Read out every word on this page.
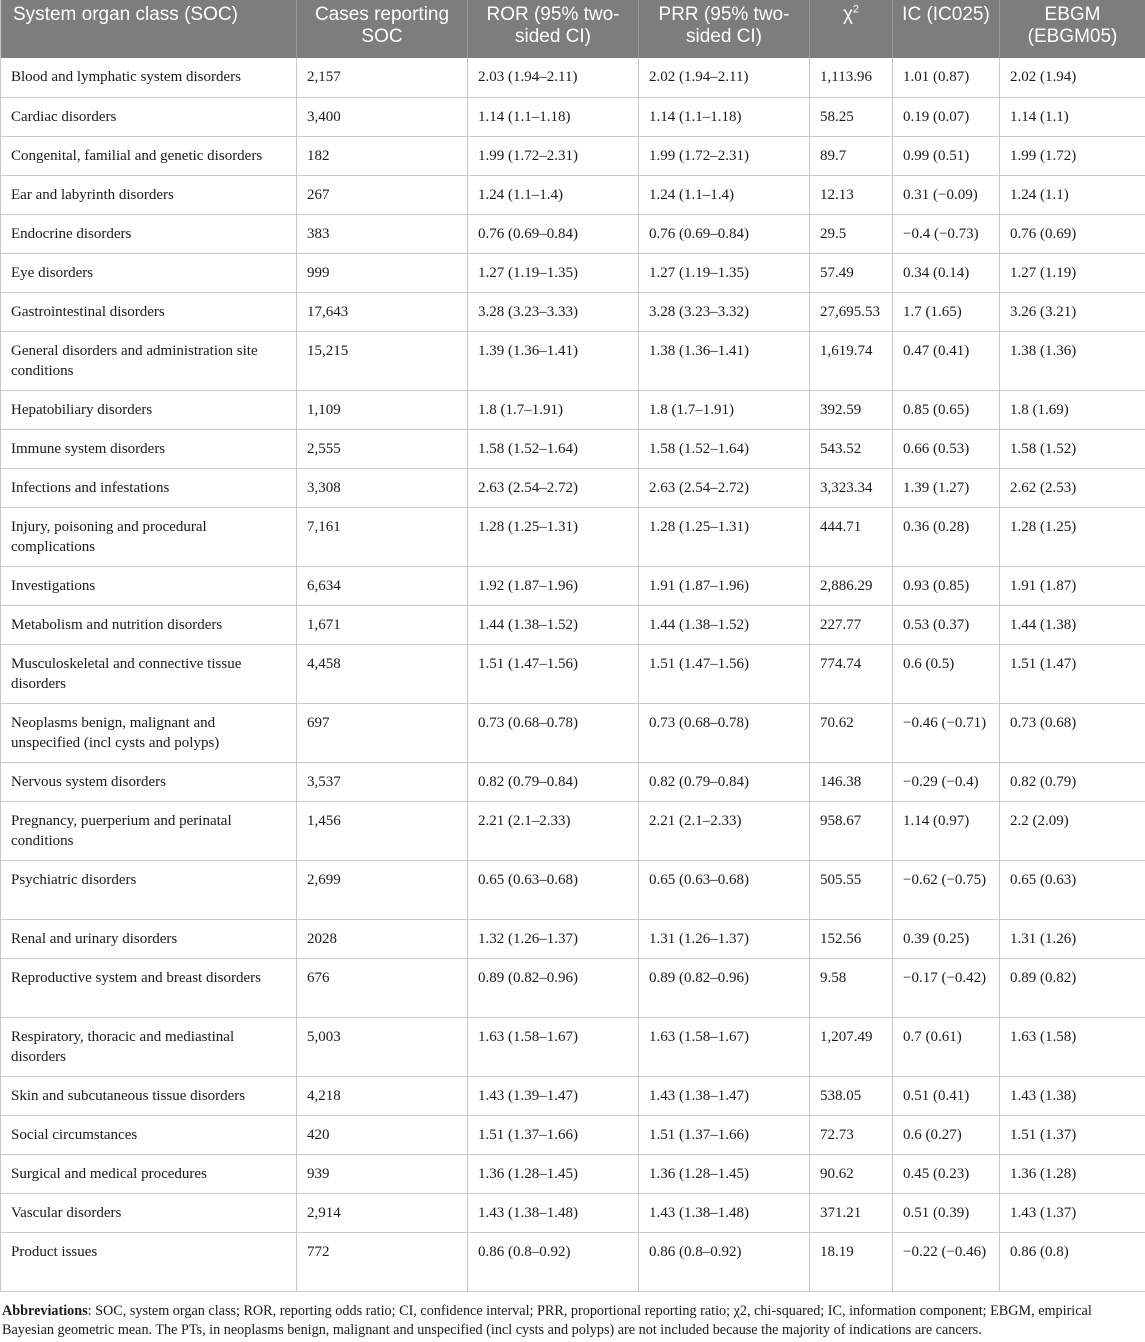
System organ class (SOC)	Cases reporting SOC	ROR (95% two-sided CI)	PRR (95% two-sided CI)	$\chi^2$	IC (IC025)	EBGM (EBGM05)
Blood and lymphatic system disorders	2,157	2.03 (1.94–2.11)	2.02 (1.94–2.11)	1,113.96	1.01 (0.87)	2.02 (1.94)
Cardiac disorders	3,400	1.14 (1.1–1.18)	1.14 (1.1–1.18)	58.25	0.19 (0.07)	1.14 (1.1)
Congenital, familial and genetic disorders	182	1.99 (1.72–2.31)	1.99 (1.72–2.31)	89.7	0.99 (0.51)	1.99 (1.72)
Ear and labyrinth disorders	267	1.24 (1.1–1.4)	1.24 (1.1–1.4)	12.13	0.31 (−0.09)	1.24 (1.1)
Endocrine disorders	383	0.76 (0.69–0.84)	0.76 (0.69–0.84)	29.5	−0.4 (−0.73)	0.76 (0.69)
Eye disorders	999	1.27 (1.19–1.35)	1.27 (1.19–1.35)	57.49	0.34 (0.14)	1.27 (1.19)
Gastrointestinal disorders	17,643	3.28 (3.23–3.33)	3.28 (3.23–3.32)	27,695.53	1.7 (1.65)	3.26 (3.21)
General disorders and administration site conditions	15,215	1.39 (1.36–1.41)	1.38 (1.36–1.41)	1,619.74	0.47 (0.41)	1.38 (1.36)
Hepatobiliary disorders	1,109	1.8 (1.7–1.91)	1.8 (1.7–1.91)	392.59	0.85 (0.65)	1.8 (1.69)
Immune system disorders	2,555	1.58 (1.52–1.64)	1.58 (1.52–1.64)	543.52	0.66 (0.53)	1.58 (1.52)
Infections and infestations	3,308	2.63 (2.54–2.72)	2.63 (2.54–2.72)	3,323.34	1.39 (1.27)	2.62 (2.53)
Injury, poisoning and procedural complications	7,161	1.28 (1.25–1.31)	1.28 (1.25–1.31)	444.71	0.36 (0.28)	1.28 (1.25)
Investigations	6,634	1.92 (1.87–1.96)	1.91 (1.87–1.96)	2,886.29	0.93 (0.85)	1.91 (1.87)
Metabolism and nutrition disorders	1,671	1.44 (1.38–1.52)	1.44 (1.38–1.52)	227.77	0.53 (0.37)	1.44 (1.38)
Musculoskeletal and connective tissue disorders	4,458	1.51 (1.47–1.56)	1.51 (1.47–1.56)	774.74	0.6 (0.5)	1.51 (1.47)
Neoplasms benign, malignant and unspecified (incl cysts and polyps)	697	0.73 (0.68–0.78)	0.73 (0.68–0.78)	70.62	−0.46 (−0.71)	0.73 (0.68)
Nervous system disorders	3,537	0.82 (0.79–0.84)	0.82 (0.79–0.84)	146.38	−0.29 (−0.4)	0.82 (0.79)
Pregnancy, puerperium and perinatal conditions	1,456	2.21 (2.1–2.33)	2.21 (2.1–2.33)	958.67	1.14 (0.97)	2.2 (2.09)
Psychiatric disorders	2,699	0.65 (0.63–0.68)	0.65 (0.63–0.68)	505.55	−0.62 (−0.75)	0.65 (0.63)
Renal and urinary disorders	2028	1.32 (1.26–1.37)	1.31 (1.26–1.37)	152.56	0.39 (0.25)	1.31 (1.26)
Reproductive system and breast disorders	676	0.89 (0.82–0.96)	0.89 (0.82–0.96)	9.58	−0.17 (−0.42)	0.89 (0.82)
Respiratory, thoracic and mediastinal disorders	5,003	1.63 (1.58–1.67)	1.63 (1.58–1.67)	1,207.49	0.7 (0.61)	1.63 (1.58)
Skin and subcutaneous tissue disorders	4,218	1.43 (1.39–1.47)	1.43 (1.38–1.47)	538.05	0.51 (0.41)	1.43 (1.38)
Social circumstances	420	1.51 (1.37–1.66)	1.51 (1.37–1.66)	72.73	0.6 (0.27)	1.51 (1.37)
Surgical and medical procedures	939	1.36 (1.28–1.45)	1.36 (1.28–1.45)	90.62	0.45 (0.23)	1.36 (1.28)
Vascular disorders	2,914	1.43 (1.38–1.48)	1.43 (1.38–1.48)	371.21	0.51 (0.39)	1.43 (1.37)
Product issues	772	0.86 (0.8–0.92)	0.86 (0.8–0.92)	18.19	−0.22 (−0.46)	0.86 (0.8)
Abbreviations: SOC, system organ class; ROR, reporting odds ratio; CI, confidence interval; PRR, proportional reporting ratio; χ2, chi-squared; IC, information component; EBGM, empirical Bayesian geometric mean. The PTs, in neoplasms benign, malignant and unspecified (incl cysts and polyps) are not included because the majority of indications are cancers.
